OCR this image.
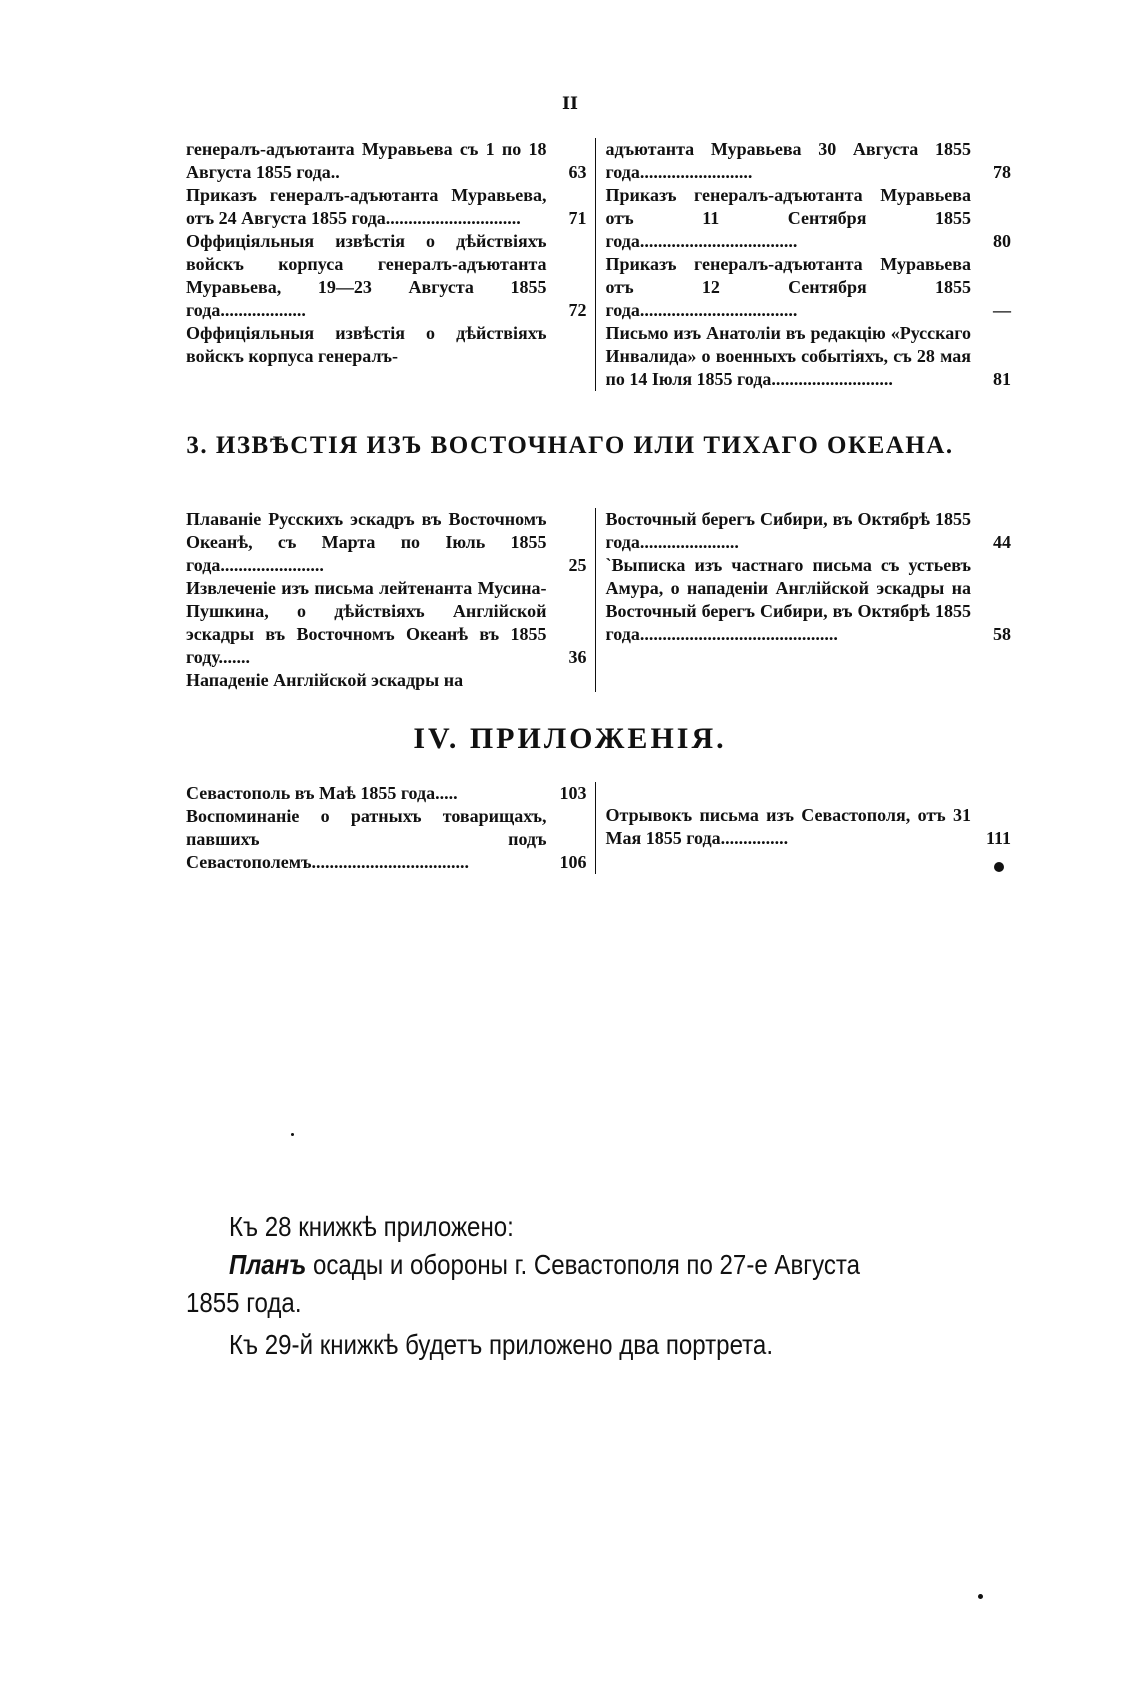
II
генералъ-адъютанта Муравьева съ 1 по 18 Августа 1855 года..	63
Приказъ генералъ-адъютанта Муравьева, отъ 24 Августа 1855 года..............................	71
Оффиціяльныя извѣстія о дѣйствіяхъ войскъ корпуса генералъ-адъютанта Муравьева, 19—23 Августа 1855 года...................	72
Оффиціяльныя извѣстія о дѣйствіяхъ войскъ корпуса генералъ-
адъютанта Муравьева 30 Августа 1855 года.........................	78
Приказъ генералъ-адъютанта Муравьева отъ 11 Сентября 1855 года...................................	80
Приказъ генералъ-адъютанта Муравьева отъ 12 Сентября 1855 года...................................	—
Письмо изъ Анатоліи въ редакцію «Русскаго Инвалида» о военныхъ событіяхъ, съ 28 мая по 14 Іюля 1855 года...........................	81
3. ИЗВѢСТІЯ ИЗЪ ВОСТОЧНАГО ИЛИ ТИХАГО ОКЕАНА.
Плаваніе Русскихъ эскадръ въ Восточномъ Океанѣ, съ Марта по Іюль 1855 года.......................	25
Извлеченіе изъ письма лейтенанта Мусина-Пушкина, о дѣйствіяхъ Англійской эскадры въ Восточномъ Океанѣ въ 1855 году.......	36
Нападеніе Англійской эскадры на
Восточный берегъ Сибири, въ Октябрѣ 1855 года......................	44
`Выписка изъ частнаго письма съ устьевъ Амура, о нападеніи Англійской эскадры на Восточный берегъ Сибири, въ Октябрѣ 1855 года............................................	58
IV. ПРИЛОЖЕНІЯ.
Севастополь въ Маѣ 1855 года.....	103
Воспоминаніе о ратныхъ товарищахъ, павшихъ подъ Севастополемъ...................................	106
Отрывокъ письма изъ Севастополя, отъ 31 Мая 1855 года...............	111

Къ 28 книжкѣ приложено:

Планъ осады и обороны г. Севастополя по 27-е Августа 1855 года.

Къ 29-й книжкѣ будетъ приложено два портрета.
